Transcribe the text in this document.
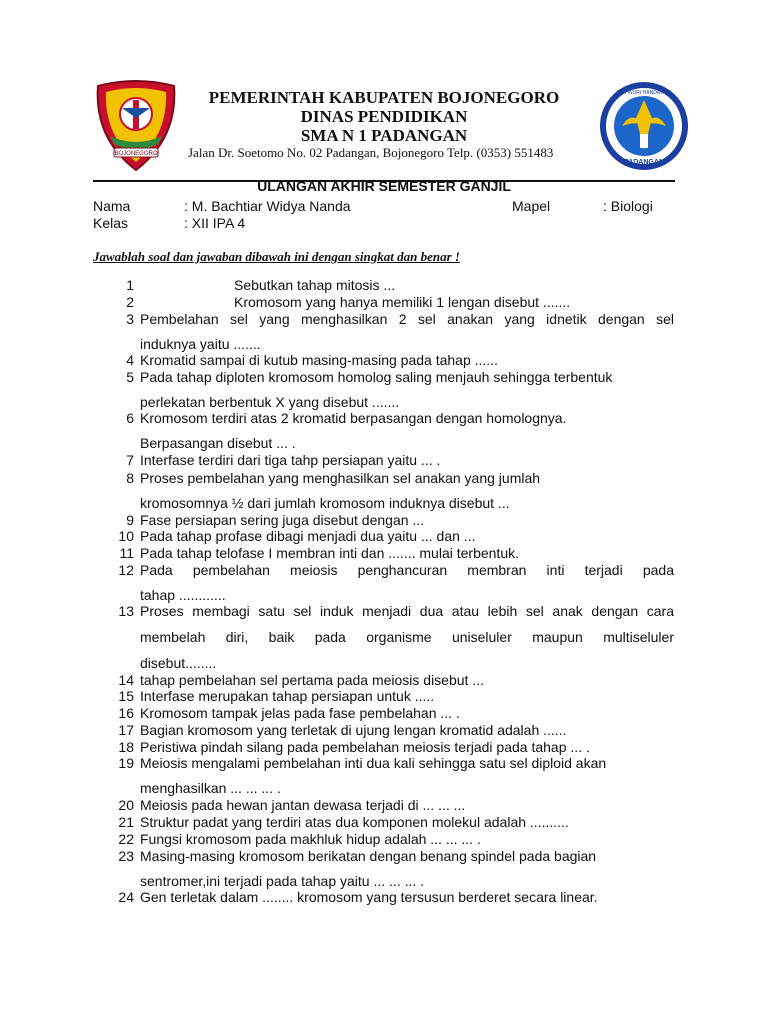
BOJONEGORO
TUT WURI HANDAYANI
PADANGAN
PEMERINTAH KABUPATEN BOJONEGORO
DINAS PENDIDIKAN
SMA N 1 PADANGAN
Jalan Dr. Soetomo No. 02 Padangan, Bojonegoro Telp. (0353) 551483
ULANGAN AKHIR SEMESTER GANJIL
Nama	: M. Bachtiar Widya Nanda	Mapel	: Biologi
Kelas	: XII IPA 4
Jawablah soal dan jawaban dibawah ini dengan singkat dan benar !
1	Sebutkan tahap mitosis ...
2	Kromosom yang hanya memiliki 1 lengan disebut .......
3 Pembelahan sel yang menghasilkan 2 sel anakan yang idnetik dengan sel
induknya yaitu .......
4 Kromatid sampai di kutub masing-masing pada tahap ......
5 Pada tahap diploten kromosom homolog saling menjauh sehingga terbentuk
perlekatan berbentuk X yang disebut .......
6 Kromosom terdiri atas 2 kromatid berpasangan dengan homolognya.
Berpasangan disebut ... .
7 Interfase terdiri dari tiga tahp persiapan yaitu ... .
8 Proses pembelahan yang menghasilkan sel anakan yang jumlah
kromosomnya ½ dari jumlah kromosom induknya disebut ...
9 Fase persiapan sering juga disebut dengan ...
10 Pada tahap profase dibagi menjadi dua yaitu ... dan ...
11 Pada tahap telofase I membran inti dan ....... mulai terbentuk.
12 Pada pembelahan meiosis penghancuran membran inti terjadi pada
tahap ............
13 Proses membagi satu sel induk menjadi dua atau lebih sel anak dengan cara
membelah diri, baik pada organisme uniseluler maupun multiseluler
disebut........
14 tahap pembelahan sel pertama pada meiosis disebut ...
15 Interfase merupakan tahap persiapan untuk .....
16 Kromosom tampak jelas pada fase pembelahan ... .
17 Bagian kromosom yang terletak di ujung lengan kromatid adalah ......
18 Peristiwa pindah silang pada pembelahan meiosis terjadi pada tahap ... .
19 Meiosis mengalami pembelahan inti dua kali sehingga satu sel diploid akan
menghasilkan ... ... ... .
20 Meiosis pada hewan jantan dewasa terjadi di ... ... ...
21 Struktur padat yang terdiri atas dua komponen molekul adalah ..........
22 Fungsi kromosom pada makhluk hidup adalah ... ... ... .
23 Masing-masing kromosom berikatan dengan benang spindel pada bagian
sentromer,ini terjadi pada tahap yaitu ... ... ... .
24 Gen terletak dalam ........ kromosom yang tersusun berderet secara linear.
